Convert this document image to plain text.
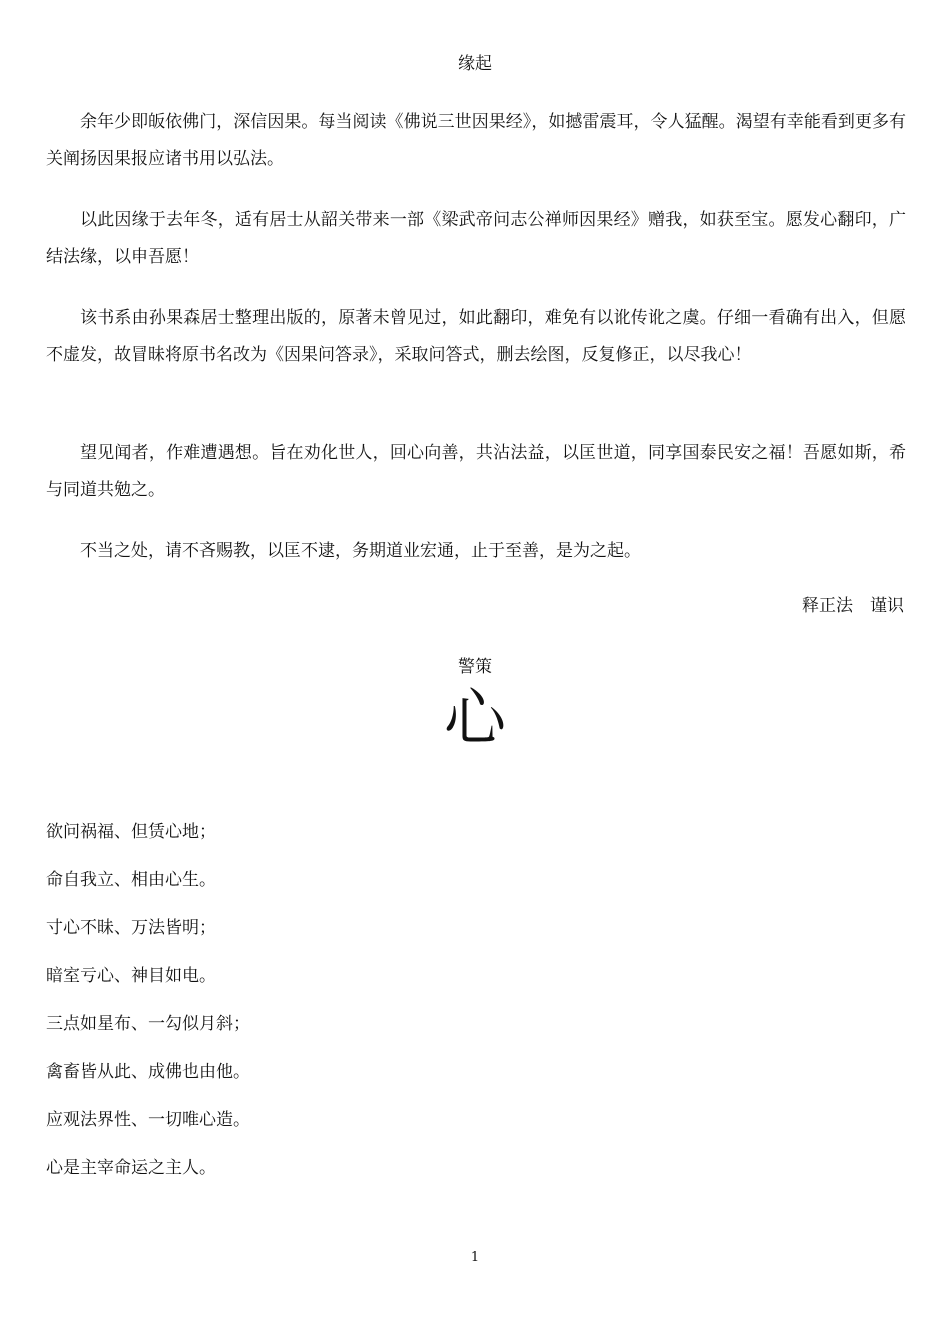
缘起

余年少即皈依佛门，深信因果。每当阅读《佛说三世因果经》，如撼雷震耳，令人猛醒。渴望有幸能看到更多有关阐扬因果报应诸书用以弘法。

以此因缘于去年冬，适有居士从韶关带来一部《梁武帝问志公禅师因果经》赠我，如获至宝。愿发心翻印，广结法缘，以申吾愿！

该书系由孙果森居士整理出版的，原著未曾见过，如此翻印，难免有以讹传讹之虞。仔细一看确有出入，但愿不虚发，故冒昧将原书名改为《因果问答录》，采取问答式，删去绘图，反复修正，以尽我心！

望见闻者，作难遭遇想。旨在劝化世人，回心向善，共沾法益，以匡世道，同享国泰民安之福！吾愿如斯，希与同道共勉之。

不当之处，请不吝赐教，以匡不逮，务期道业宏通，止于至善，是为之起。

释正法　谨识
警策
心
欲问祸福、但赁心地；
命自我立、相由心生。
寸心不昧、万法皆明；
暗室亏心、神目如电。
三点如星布、一勾似月斜；
禽畜皆从此、成佛也由他。
应观法界性、一切唯心造。
心是主宰命运之主人。
1
